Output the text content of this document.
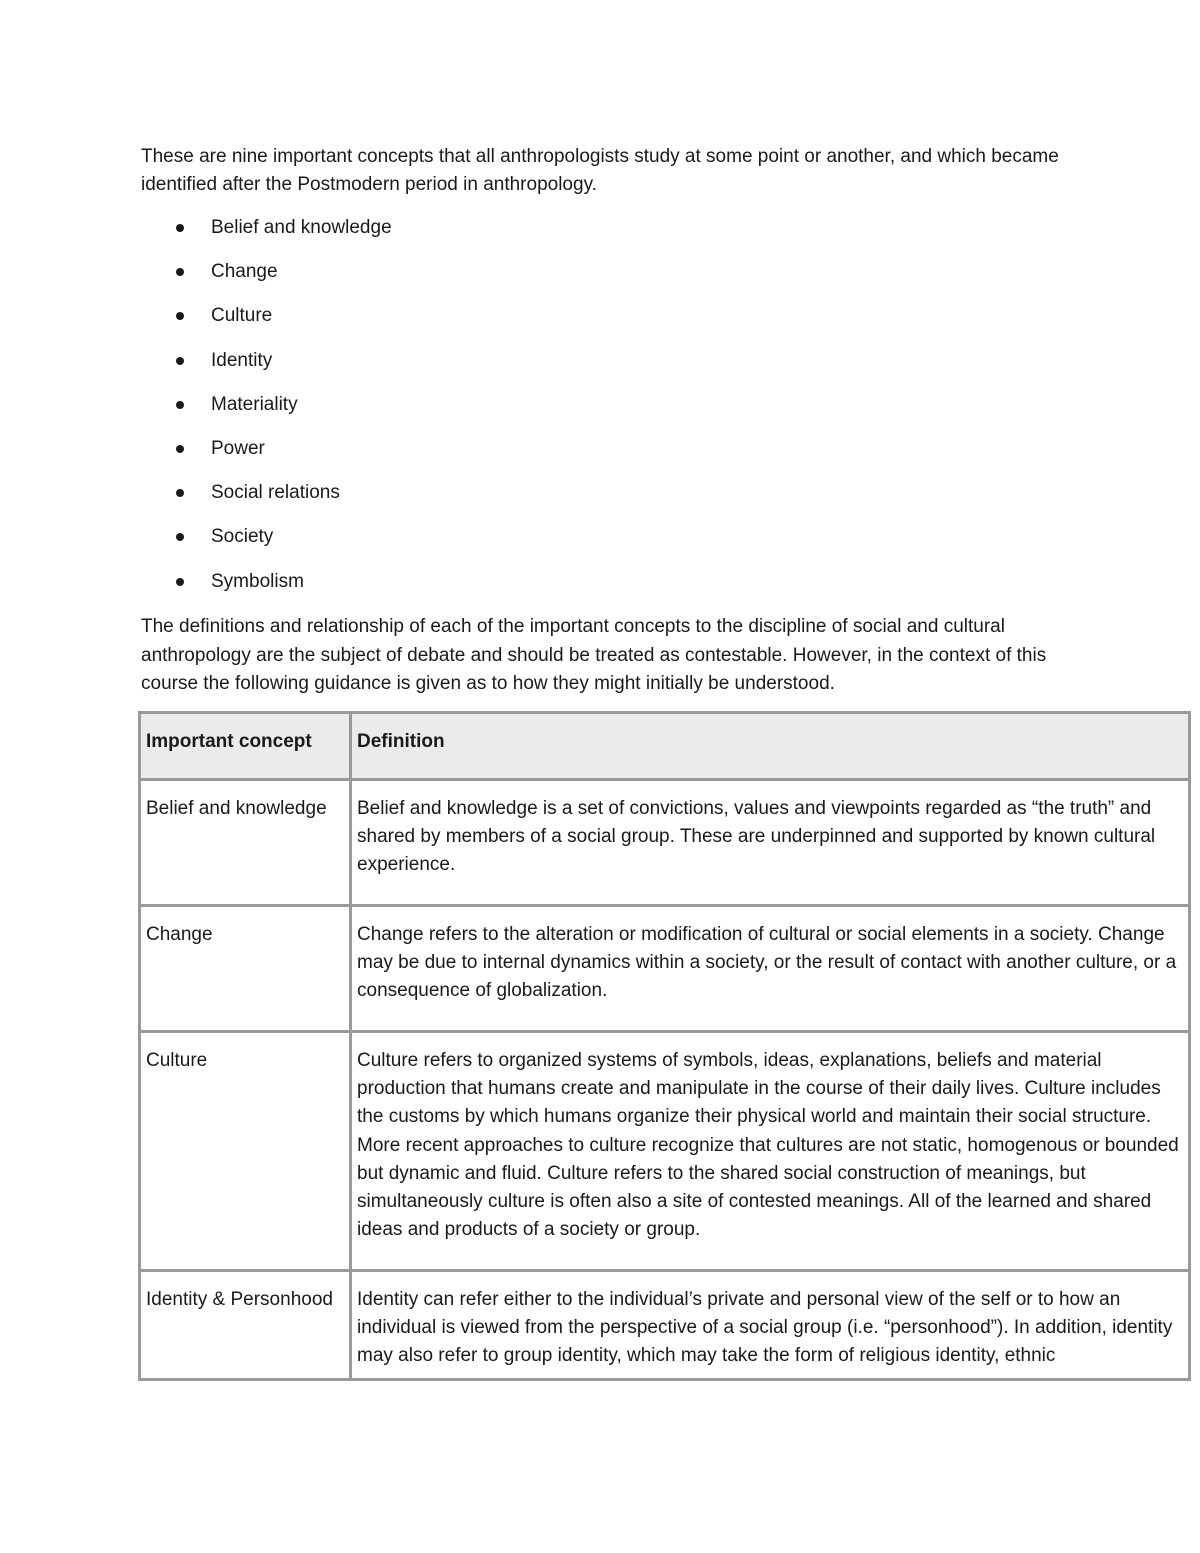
These are nine important concepts that all anthropologists study at some point or another, and which became identified after the Postmodern period in anthropology.

Belief and knowledge
Change
Culture
Identity
Materiality
Power
Social relations
Society
Symbolism

The definitions and relationship of each of the important concepts to the discipline of social and cultural anthropology are the subject of debate and should be treated as contestable. However, in the context of this course the following guidance is given as to how they might initially be understood.

Important concept	Definition
Belief and knowledge	Belief and knowledge is a set of convictions, values and viewpoints regarded as “the truth” and shared by members of a social group. These are underpinned and supported by known cultural experience.
Change	Change refers to the alteration or modification of cultural or social elements in a society. Change may be due to internal dynamics within a society, or the result of contact with another culture, or a consequence of globalization.
Culture	Culture refers to organized systems of symbols, ideas, explanations, beliefs and material production that humans create and manipulate in the course of their daily lives. Culture includes the customs by which humans organize their physical world and maintain their social structure. More recent approaches to culture recognize that cultures are not static, homogenous or bounded but dynamic and fluid. Culture refers to the shared social construction of meanings, but simultaneously culture is often also a site of contested meanings. All of the learned and shared ideas and products of a society or group.
Identity & Personhood	Identity can refer either to the individual’s private and personal view of the self or to how an individual is viewed from the perspective of a social group (i.e. “personhood”). In addition, identity may also refer to group identity, which may take the form of religious identity, ethnic
